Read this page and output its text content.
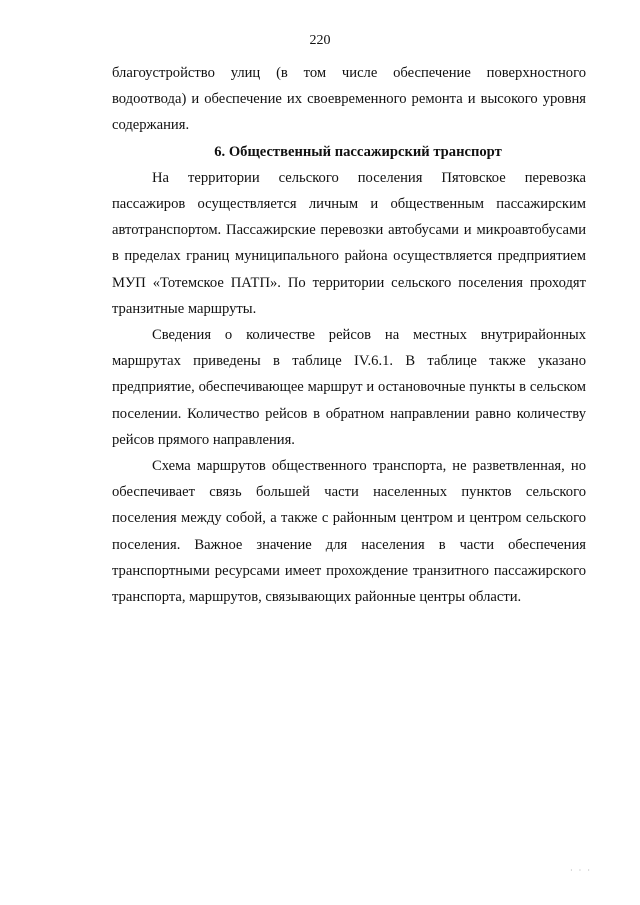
220

благоустройство улиц (в том числе обеспечение поверхностного водоотвода) и обеспечение их своевременного ремонта и высокого уровня содержания.

6. Общественный пассажирский транспорт

На территории сельского поселения Пятовское перевозка пассажиров осуществляется личным и общественным пассажирским автотранспортом. Пассажирские перевозки автобусами и микроавтобусами в пределах границ муниципального района осуществляется предприятием МУП «Тотемское ПАТП». По территории сельского поселения проходят транзитные маршруты.

Сведения о количестве рейсов на местных внутрирайонных маршрутах приведены в таблице IV.6.1. В таблице также указано предприятие, обеспечивающее маршрут и остановочные пункты в сельском поселении. Количество рейсов в обратном направлении равно количеству рейсов прямого направления.

Схема маршрутов общественного транспорта, не разветвленная, но обеспечивает связь большей части населенных пунктов сельского поселения между собой, а также с районным центром и центром сельского поселения. Важное значение для населения в части обеспечения транспортными ресурсами имеет прохождение транзитного пассажирского транспорта, маршрутов, связывающих районные центры области.

· · ·
